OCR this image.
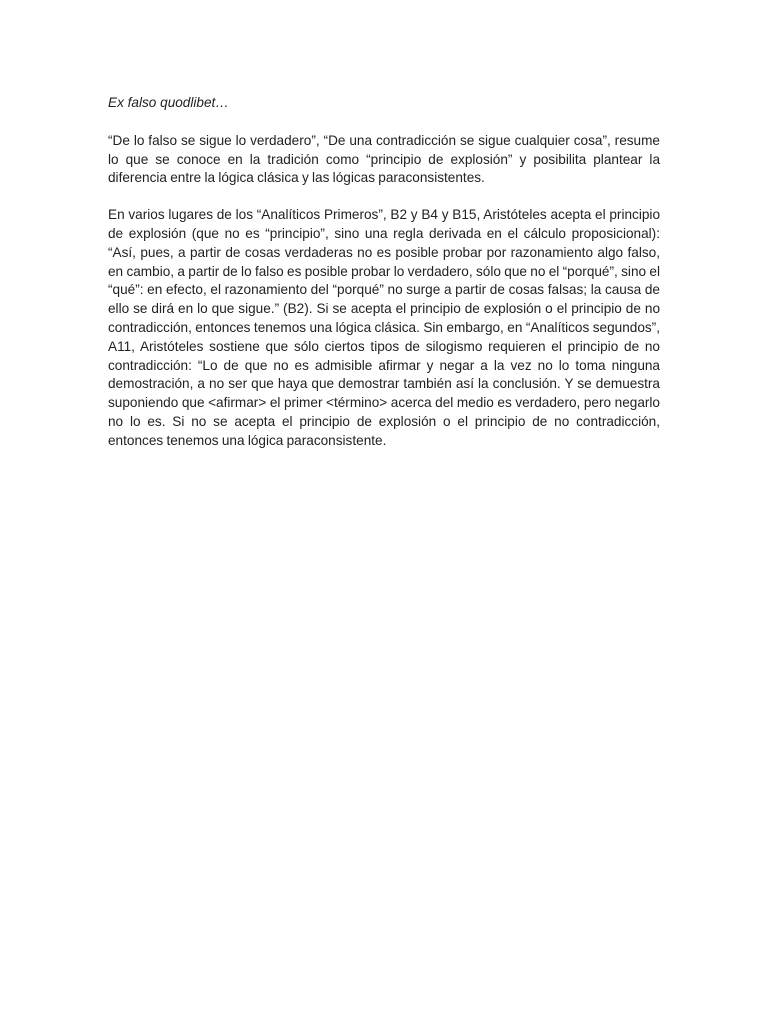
Ex falso quodlibet…

“De lo falso se sigue lo verdadero”, “De una contradicción se sigue cualquier cosa”, resume lo que se conoce en la tradición como “principio de explosión” y posibilita plantear la diferencia entre la lógica clásica y las lógicas paraconsistentes.

En varios lugares de los “Analíticos Primeros”, B2 y B4 y B15, Aristóteles acepta el principio de explosión (que no es “principio”, sino una regla derivada en el cálculo proposicional): “Así, pues, a partir de cosas verdaderas no es posible probar por razonamiento algo falso, en cambio, a partir de lo falso es posible probar lo verdadero, sólo que no el “porqué”, sino el “qué”: en efecto, el razonamiento del “porqué” no surge a partir de cosas falsas; la causa de ello se dirá en lo que sigue.” (B2). Si se acepta el principio de explosión o el principio de no contradicción, entonces tenemos una lógica clásica. Sin embargo, en “Analíticos segundos”, A11, Aristóteles sostiene que sólo ciertos tipos de silogismo requieren el principio de no contradicción: “Lo de que no es admisible afirmar y negar a la vez no lo toma ninguna demostración, a no ser que haya que demostrar también así la conclusión. Y se demuestra suponiendo que <afirmar> el primer <término> acerca del medio es verdadero, pero negarlo no lo es. Si no se acepta el principio de explosión o el principio de no contradicción, entonces tenemos una lógica paraconsistente.
